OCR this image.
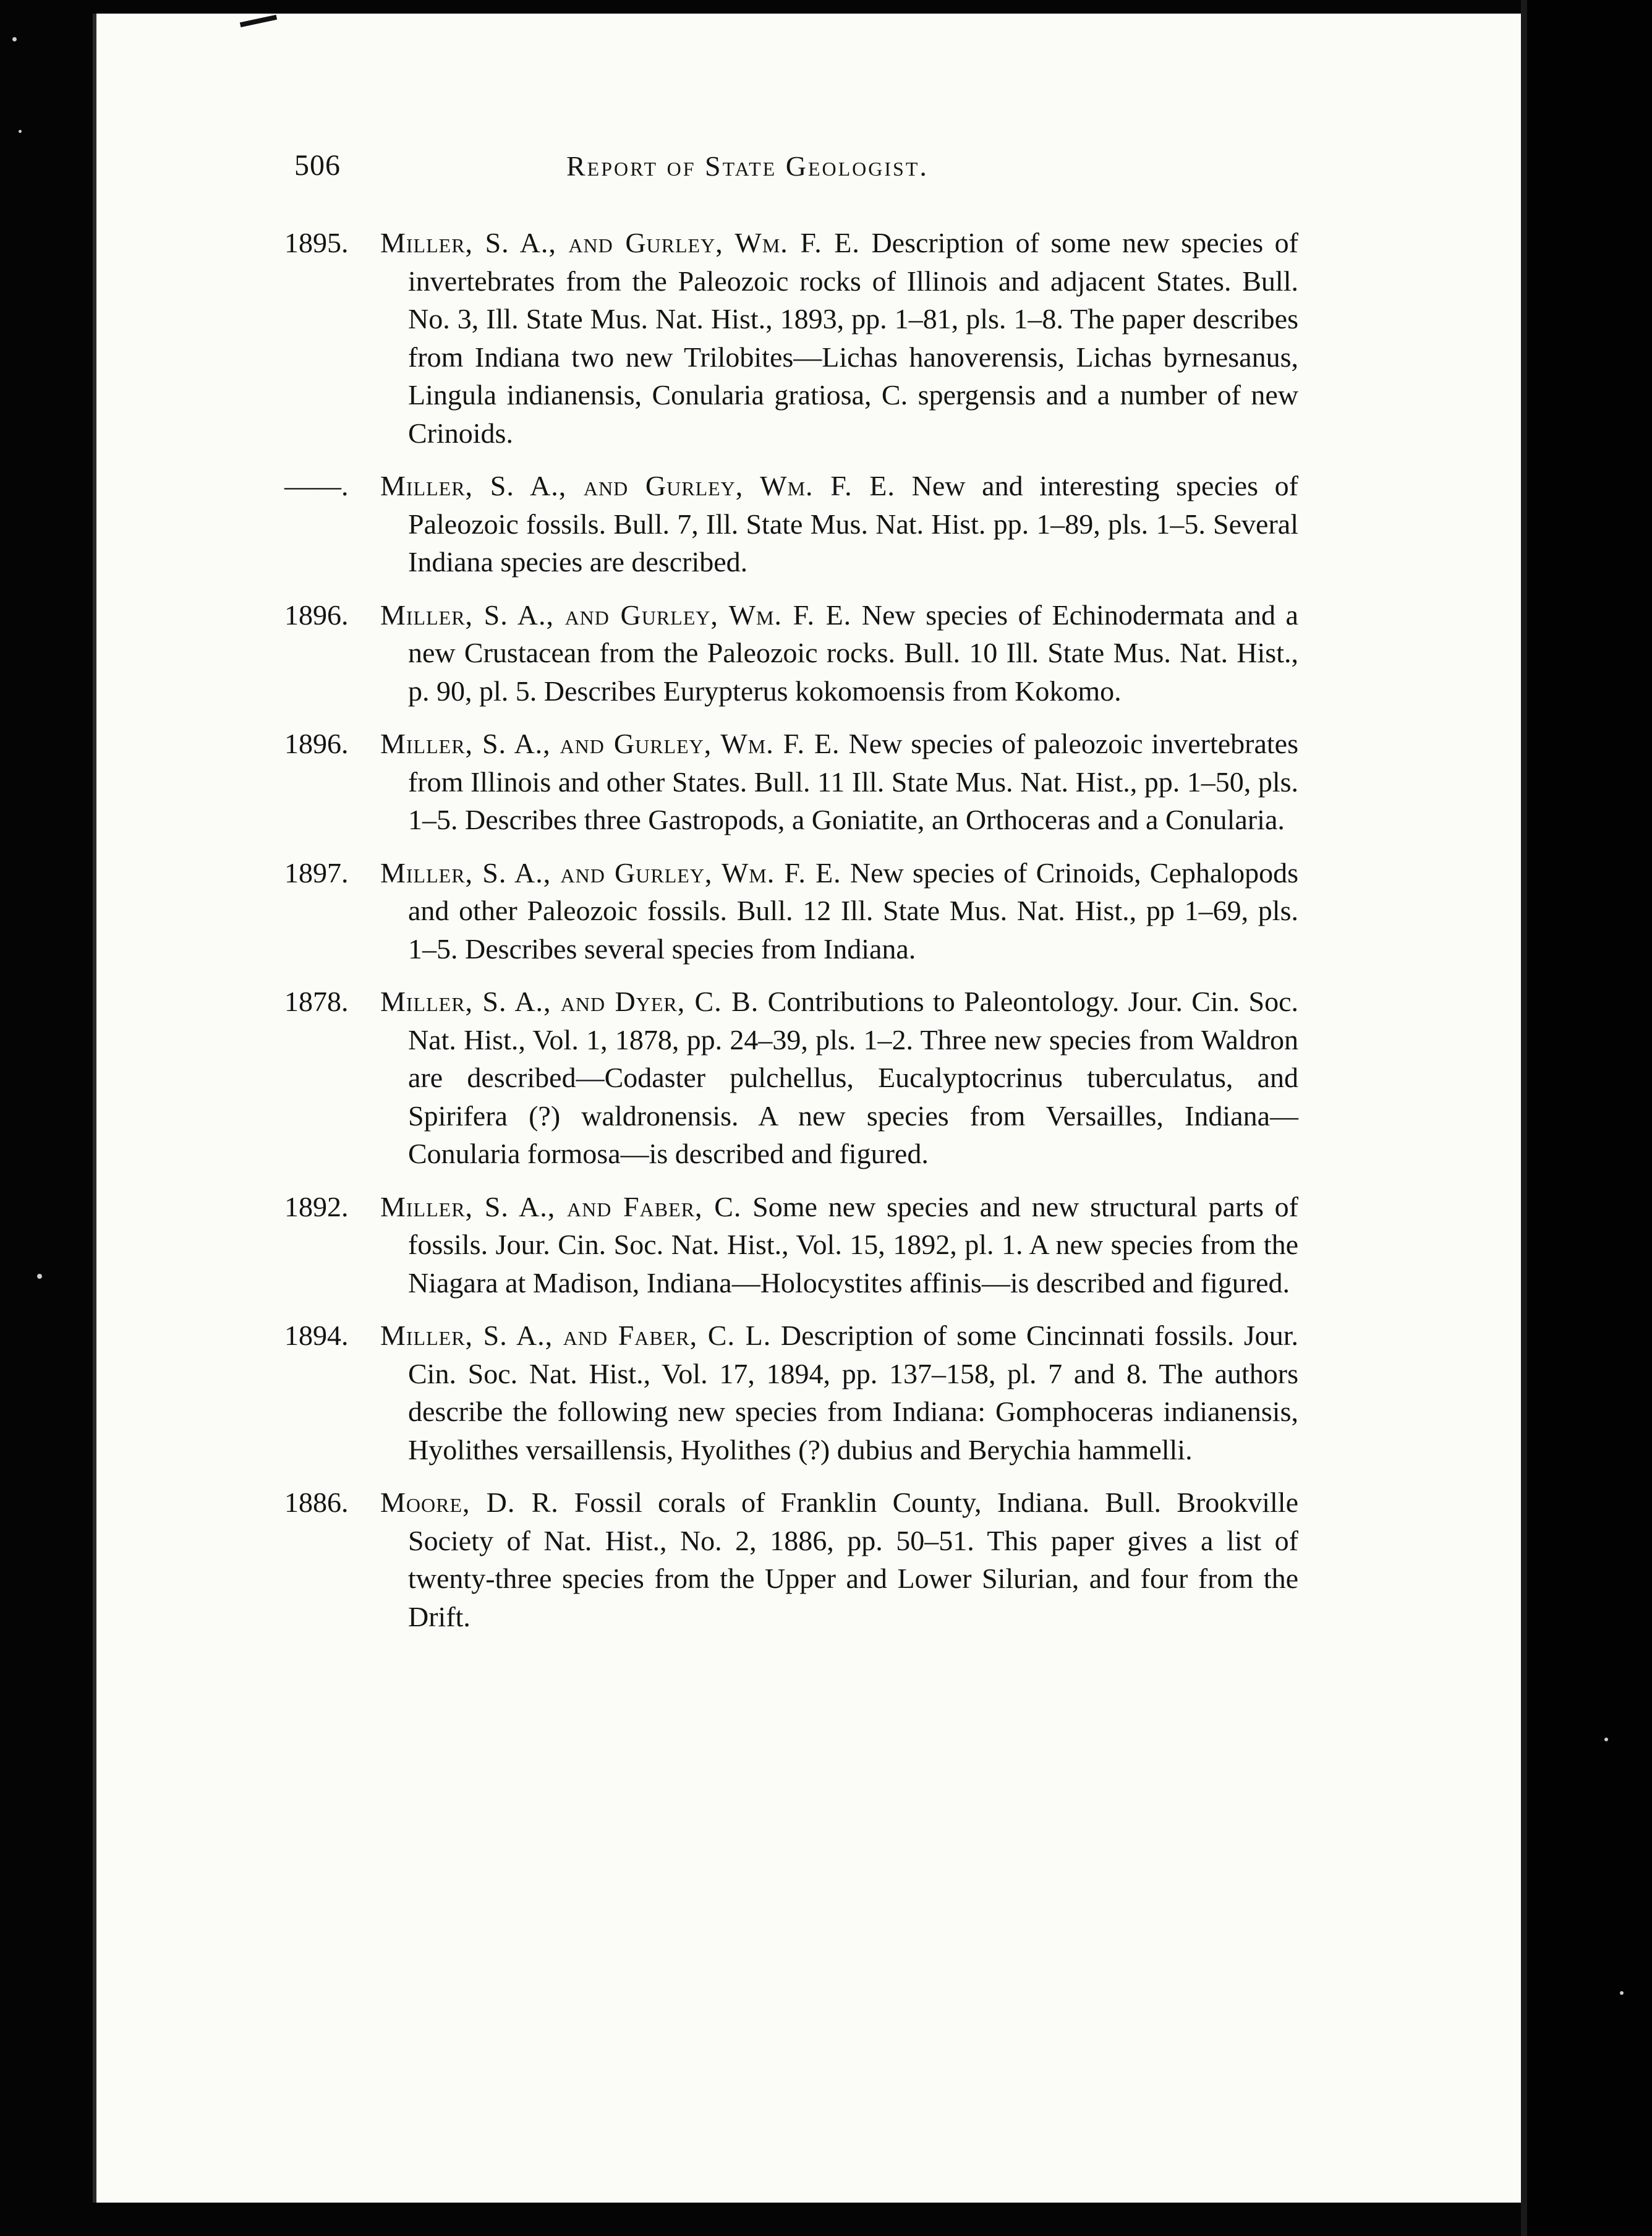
506	Report of State Geologist.
1895.	Miller, S. A., and Gurley, Wm. F. E. Description of some new species of invertebrates from the Paleozoic rocks of Illinois and adjacent States. Bull. No. 3, Ill. State Mus. Nat. Hist., 1893, pp. 1–81, pls. 1–8. The paper describes from Indiana two new Trilobites—Lichas hanoverensis, Lichas byrnesanus, Lingula indianensis, Conularia gratiosa, C. spergensis and a number of new Crinoids.
——.	Miller, S. A., and Gurley, Wm. F. E. New and interesting species of Paleozoic fossils. Bull. 7, Ill. State Mus. Nat. Hist. pp. 1–89, pls. 1–5. Several Indiana species are described.
1896.	Miller, S. A., and Gurley, Wm. F. E. New species of Echinodermata and a new Crustacean from the Paleozoic rocks. Bull. 10 Ill. State Mus. Nat. Hist., p. 90, pl. 5. Describes Eurypterus kokomoensis from Kokomo.
1896.	Miller, S. A., and Gurley, Wm. F. E. New species of paleozoic invertebrates from Illinois and other States. Bull. 11 Ill. State Mus. Nat. Hist., pp. 1–50, pls. 1–5. Describes three Gastropods, a Goniatite, an Orthoceras and a Conularia.
1897.	Miller, S. A., and Gurley, Wm. F. E. New species of Crinoids, Cephalopods and other Paleozoic fossils. Bull. 12 Ill. State Mus. Nat. Hist., pp 1–69, pls. 1–5. Describes several species from Indiana.
1878.	Miller, S. A., and Dyer, C. B. Contributions to Paleontology. Jour. Cin. Soc. Nat. Hist., Vol. 1, 1878, pp. 24–39, pls. 1–2. Three new species from Waldron are described—Codaster pulchellus, Eucalyptocrinus tuberculatus, and Spirifera (?) waldronensis. A new species from Versailles, Indiana—Conularia formosa—is described and figured.
1892.	Miller, S. A., and Faber, C. Some new species and new structural parts of fossils. Jour. Cin. Soc. Nat. Hist., Vol. 15, 1892, pl. 1. A new species from the Niagara at Madison, Indiana—Holocystites affinis—is described and figured.
1894.	Miller, S. A., and Faber, C. L. Description of some Cincinnati fossils. Jour. Cin. Soc. Nat. Hist., Vol. 17, 1894, pp. 137–158, pl. 7 and 8. The authors describe the following new species from Indiana: Gomphoceras indianensis, Hyolithes versaillensis, Hyolithes (?) dubius and Berychia hammelli.
1886.	Moore, D. R. Fossil corals of Franklin County, Indiana. Bull. Brookville Society of Nat. Hist., No. 2, 1886, pp. 50–51. This paper gives a list of twenty-three species from the Upper and Lower Silurian, and four from the Drift.
